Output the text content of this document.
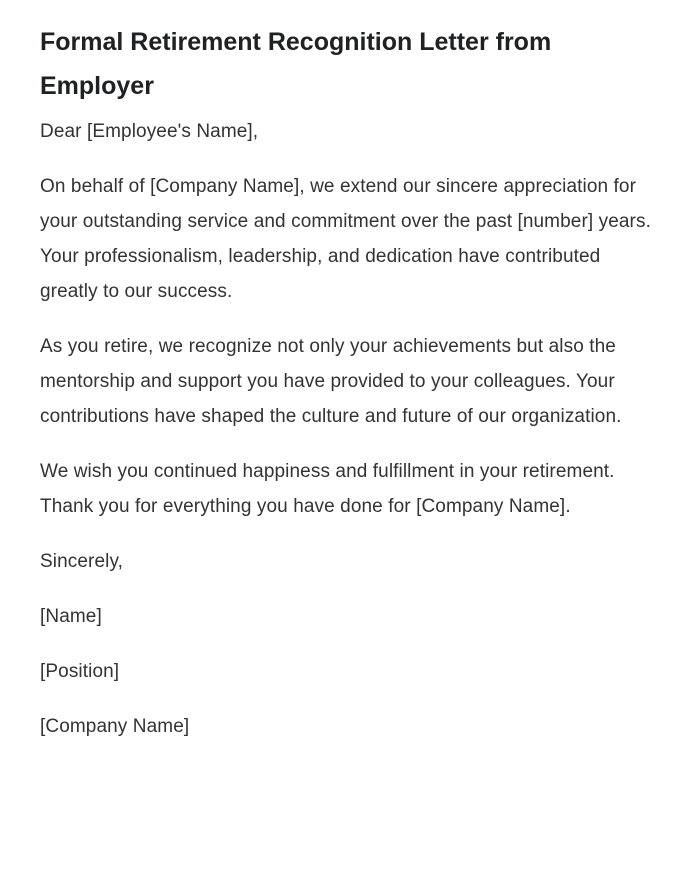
Formal Retirement Recognition Letter from Employer

Dear [Employee's Name],

On behalf of [Company Name], we extend our sincere appreciation for your outstanding service and commitment over the past [number] years. Your professionalism, leadership, and dedication have contributed greatly to our success.

As you retire, we recognize not only your achievements but also the mentorship and support you have provided to your colleagues. Your contributions have shaped the culture and future of our organization.

We wish you continued happiness and fulfillment in your retirement. Thank you for everything you have done for [Company Name].

Sincerely,

[Name]

[Position]

[Company Name]
